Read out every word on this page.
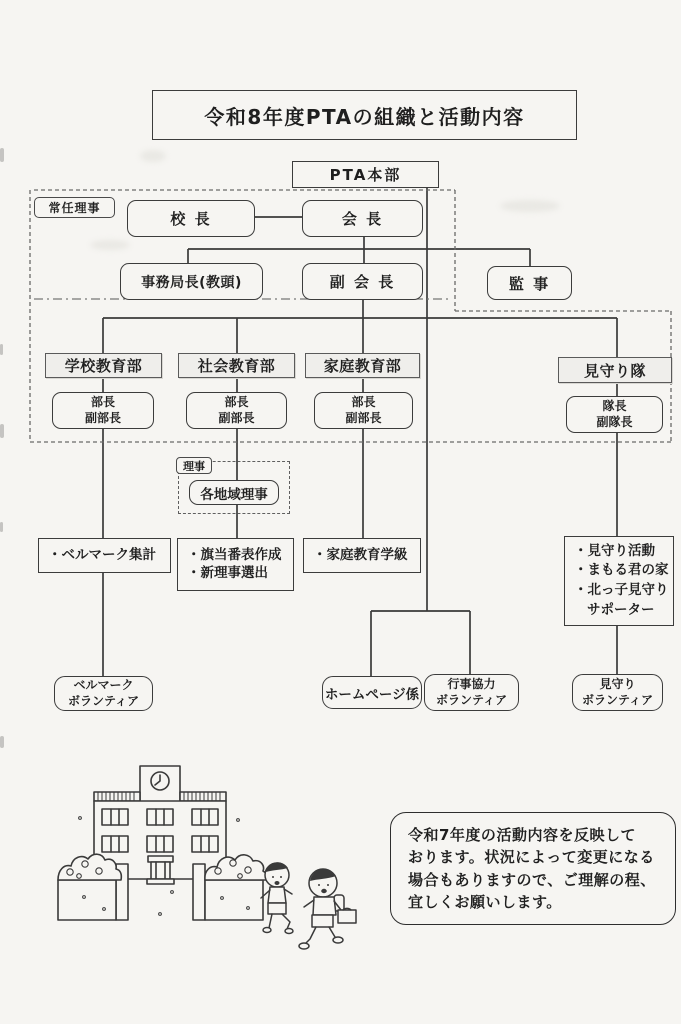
令和8年度PTAの組織と活動内容
PTA本部
常任理事
校 長	会 長
事務局長(教頭)	副 会 長	監 事
学校教育部	社会教育部	家庭教育部	見守り隊
部長
副部長
部長
副部長
部長
副部長
隊長
副隊長
理事
各地域理事
・ベルマーク集計 ・旗当番表作成
・新理事選出
・家庭教育学級	・見守り活動
・まもる君の家
・北っ子見守り
サポーター
ベルマーク
ボランティア	ホームページ係
行事協力
ボランティア
見守り
ボランティア
令和7年度の活動内容を反映して
おります。状況によって変更になる
場合もありますので、ご理解の程、
宜しくお願いします。
